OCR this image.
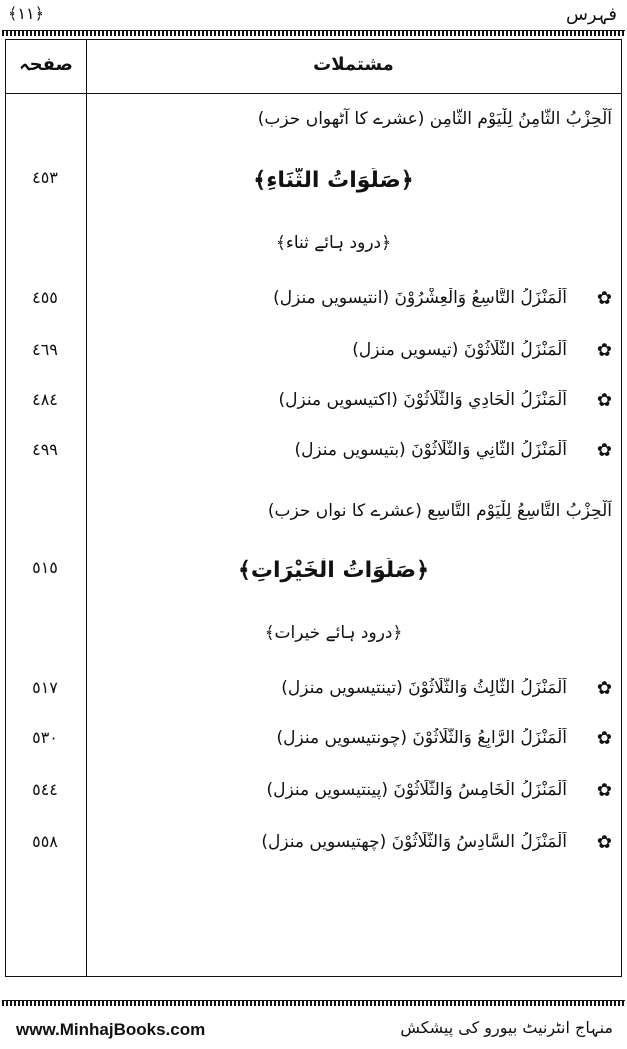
﴿١١﴾	فہرس
مشتملات
صفحہ
اَلْحِزْبُ الثَّامِنُ لِلْيَوْمِ الثَّامِنِ (عشرے کا آٹھواں حزب)
﴿صَلَوَاتُ الثَّنَاءِ﴾
٤٥٣
﴿درود ہائے ثناء﴾
✿
اَلْمَنْزَلُ التَّاسِعُ وَالْعِشْرُوْنَ (انتیسویں منزل)
٤٥٥
✿
اَلْمَنْزَلُ الثَّلَاثُوْنَ (تیسویں منزل)
٤٦٩
✿
اَلْمَنْزَلُ الْحَادِي وَالثَّلَاثُوْنَ (اکتیسویں منزل)
٤٨٤
✿
اَلْمَنْزَلُ الثَّانِي وَالثَّلَاثُوْنَ (بتیسویں منزل)
٤٩٩
اَلْحِزْبُ التَّاسِعُ لِلْيَوْمِ التَّاسِعِ (عشرے کا نواں حزب)
﴿صَلَوَاتُ الْخَيْرَاتِ﴾
٥١٥
﴿درود ہائے خیرات﴾
✿
اَلْمَنْزَلُ الثَّالِثُ وَالثَّلَاثُوْنَ (تینتیسویں منزل)
٥١٧
✿
اَلْمَنْزَلُ الرَّابِعُ وَالثَّلَاثُوْنَ (چونتیسویں منزل)
٥٣٠
✿
اَلْمَنْزَلُ الْخَامِسُ وَالثَّلَاثُوْنَ (پینتیسویں منزل)
٥٤٤
✿
اَلْمَنْزَلُ السَّادِسُ وَالثَّلَاثُوْنَ (چھتیسویں منزل)
٥٥٨
www.MinhajBooks.com	منہاج انٹرنیٹ بیورو کی پیشکش
